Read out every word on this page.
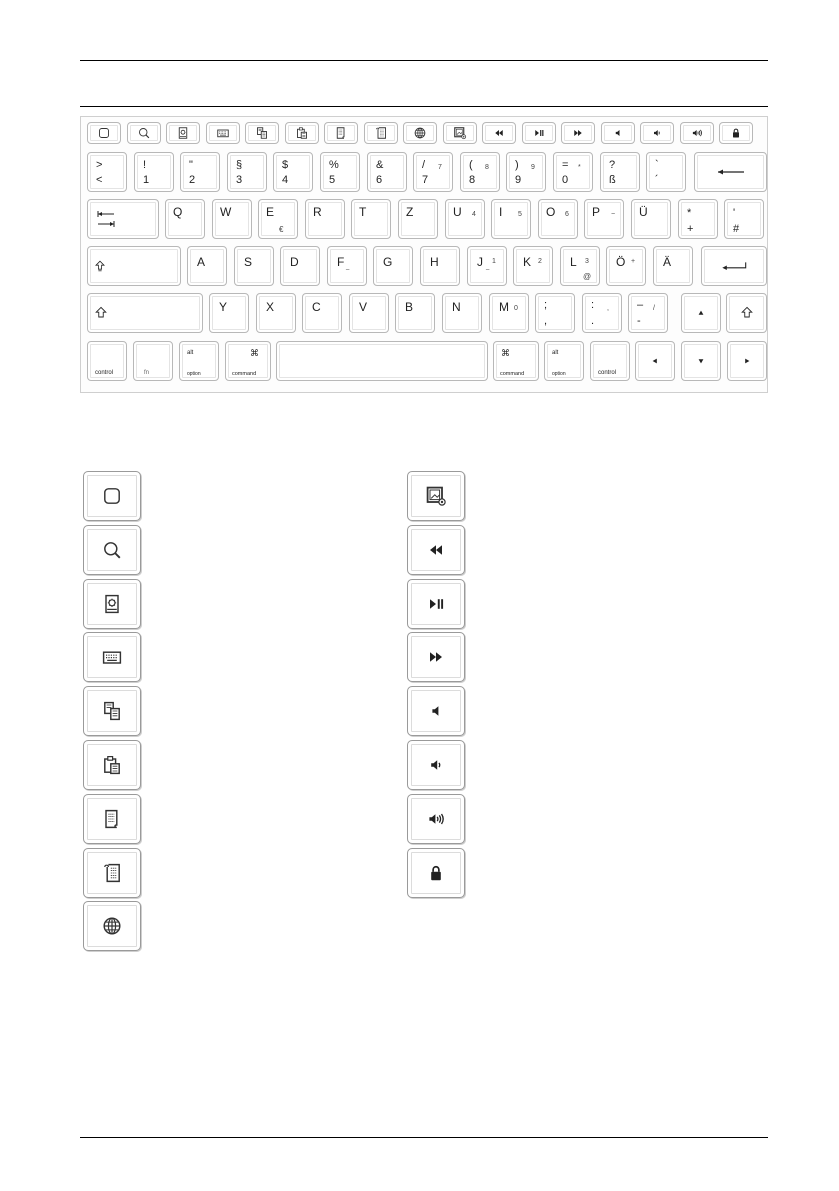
>
<
!
1
"
2
§
3
$
4
%
5
&
6
/
7
7 (
8
8 )
9
9 =
0
*	?
ß
`
´
Q	W	E
€
R	T	Z	U 4 I 5 O 6 P − Ü	*
+
'
#
A	S	D	F _	G	H	J 1
_	K 2 L 3
@
Ö + Ä
Y	X	C	V	B	N	M 0 ;
,
:
.
,	–
-
/
control	fn
alt
option
⌘
command
⌘
command
alt
option	control
